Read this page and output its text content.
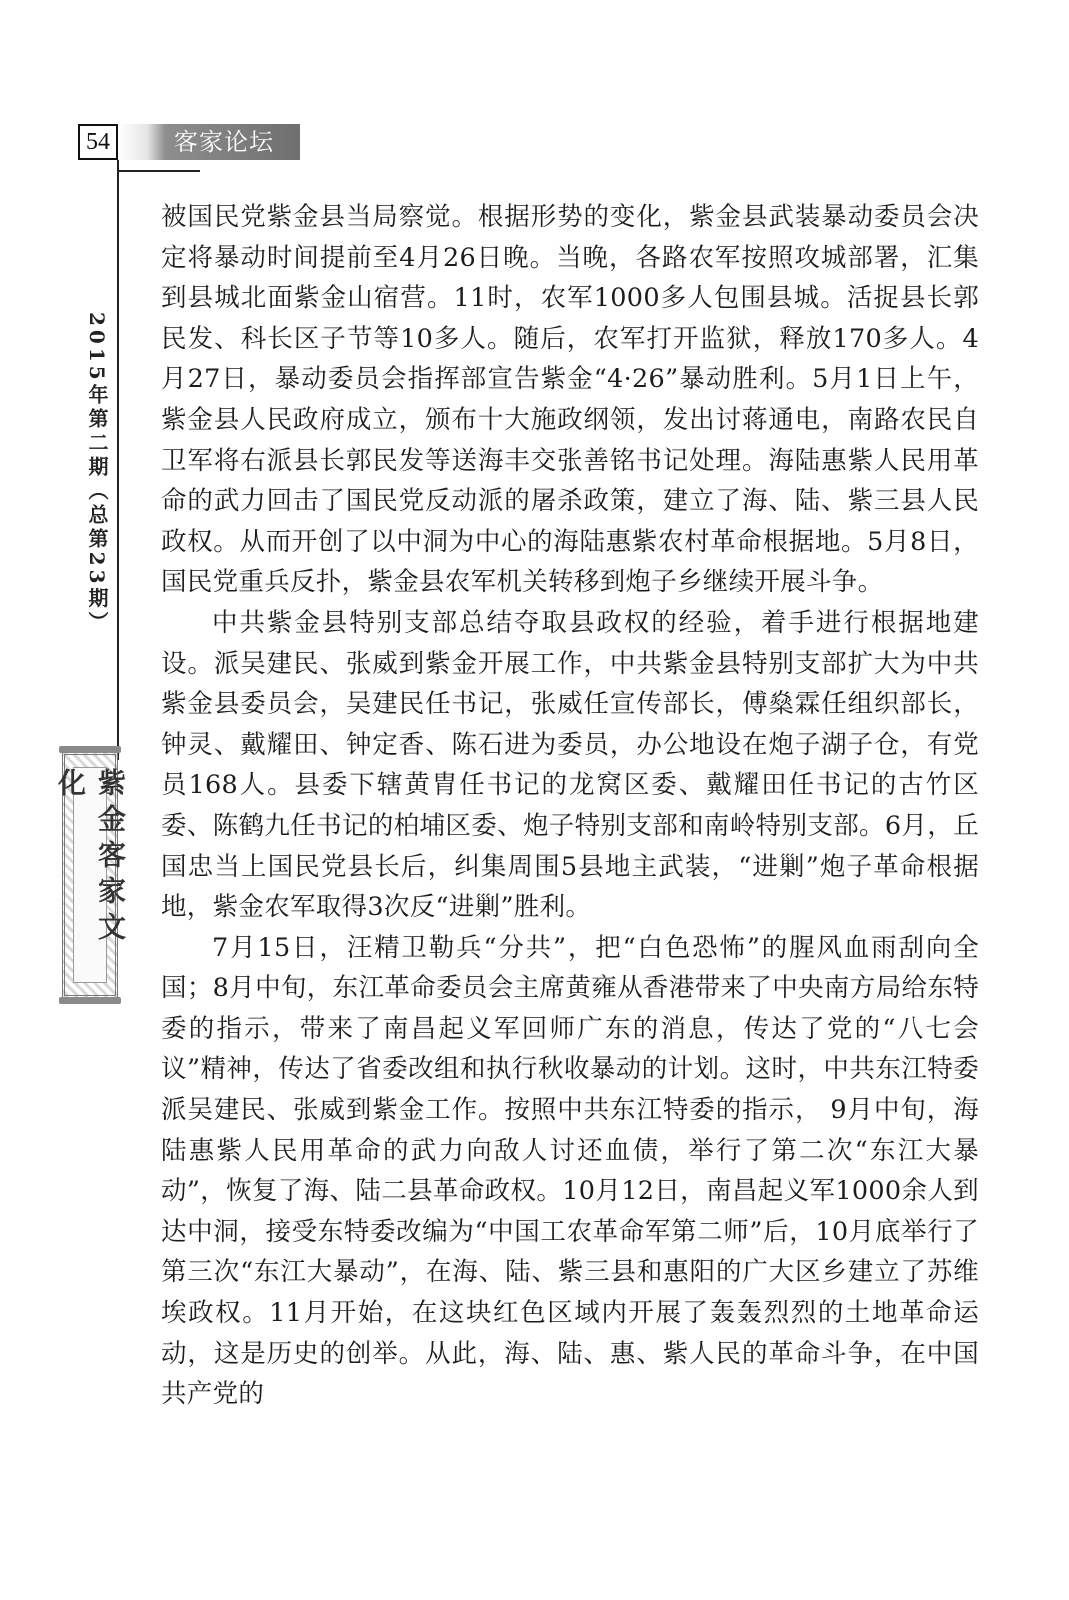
54	客家论坛
2015年第二期（总第23期）
紫金客家文化

被国民党紫金县当局察觉。根据形势的变化，紫金县武装暴动委员会决定将暴动时间提前至4月26日晚。当晚，各路农军按照攻城部署，汇集到县城北面紫金山宿营。11时，农军1000多人包围县城。活捉县长郭民发、科长区子节等10多人。随后，农军打开监狱，释放170多人。4月27日，暴动委员会指挥部宣告紫金“4·26”暴动胜利。5月1日上午，紫金县人民政府成立，颁布十大施政纲领，发出讨蒋通电，南路农民自卫军将右派县长郭民发等送海丰交张善铭书记处理。海陆惠紫人民用革命的武力回击了国民党反动派的屠杀政策，建立了海、陆、紫三县人民政权。从而开创了以中洞为中心的海陆惠紫农村革命根据地。5月8日，国民党重兵反扑，紫金县农军机关转移到炮子乡继续开展斗争。

中共紫金县特别支部总结夺取县政权的经验，着手进行根据地建设。派吴建民、张威到紫金开展工作，中共紫金县特别支部扩大为中共紫金县委员会，吴建民任书记，张威任宣传部长，傅燊霖任组织部长，钟灵、戴耀田、钟定香、陈石进为委员，办公地设在炮子湖子仓，有党员168人。县委下辖黄胄任书记的龙窝区委、戴耀田任书记的古竹区委、陈鹤九任书记的柏埔区委、炮子特别支部和南岭特别支部。6月，丘国忠当上国民党县长后，纠集周围5县地主武装，“进剿”炮子革命根据地，紫金农军取得3次反“进剿”胜利。

7月15日，汪精卫勒兵“分共”，把“白色恐怖”的腥风血雨刮向全国；8月中旬，东江革命委员会主席黄雍从香港带来了中央南方局给东特委的指示，带来了南昌起义军回师广东的消息，传达了党的“八七会议”精神，传达了省委改组和执行秋收暴动的计划。这时，中共东江特委派吴建民、张威到紫金工作。按照中共东江特委的指示， 9月中旬，海陆惠紫人民用革命的武力向敌人讨还血债，举行了第二次“东江大暴动”，恢复了海、陆二县革命政权。10月12日，南昌起义军1000余人到达中洞，接受东特委改编为“中国工农革命军第二师”后，10月底举行了第三次“东江大暴动”，在海、陆、紫三县和惠阳的广大区乡建立了苏维埃政权。11月开始，在这块红色区域内开展了轰轰烈烈的土地革命运动，这是历史的创举。从此，海、陆、惠、紫人民的革命斗争，在中国共产党的
